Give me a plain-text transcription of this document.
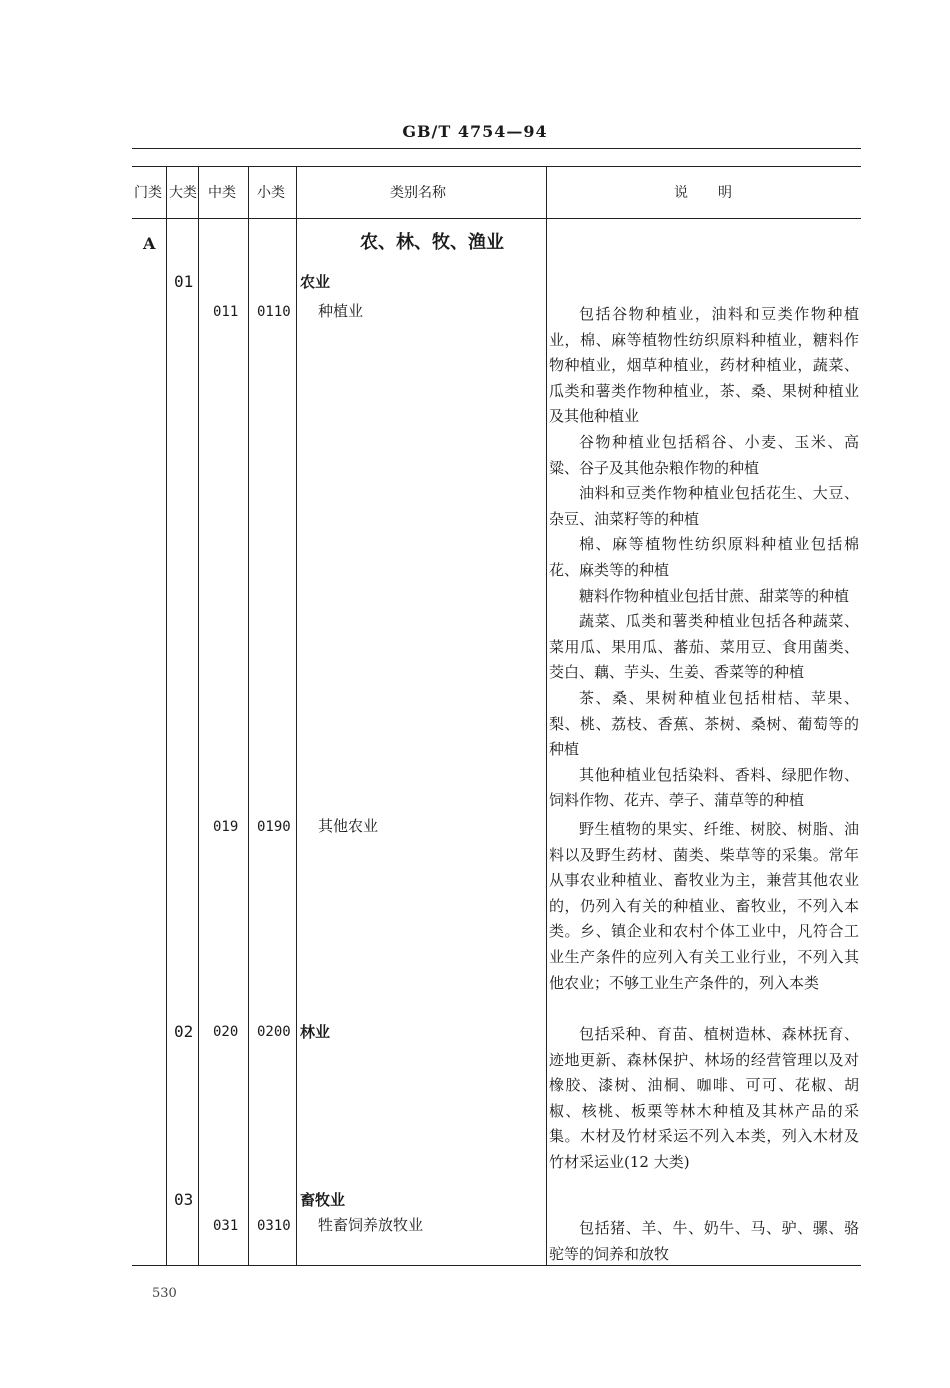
GB/T 4754—94
门类 大类 中类 小类	类别名称	说　明
A	农、林、牧、渔业
01	农业
011 0110 种植业	包括谷物种植业，油料和豆类作物种植业，棉、麻等植物性纺织原料种植业，糖料作物种植业，烟草种植业，药材种植业，蔬菜、瓜类和薯类作物种植业，茶、桑、果树种植业及其他种植业

谷物种植业包括稻谷、小麦、玉米、高粱、谷子及其他杂粮作物的种植

油料和豆类作物种植业包括花生、大豆、杂豆、油菜籽等的种植

棉、麻等植物性纺织原料种植业包括棉花、麻类等的种植

糖料作物种植业包括甘蔗、甜菜等的种植

蔬菜、瓜类和薯类种植业包括各种蔬菜、菜用瓜、果用瓜、蕃茄、菜用豆、食用菌类、茭白、藕、芋头、生姜、香菜等的种植

茶、桑、果树种植业包括柑桔、苹果、梨、桃、荔枝、香蕉、茶树、桑树、葡萄等的种植

其他种植业包括染料、香料、绿肥作物、饲料作物、花卉、荸子、蒲草等的种植

019 0190 其他农业	野生植物的果实、纤维、树胶、树脂、油料以及野生药材、菌类、柴草等的采集。常年从事农业种植业、畜牧业为主，兼营其他农业的，仍列入有关的种植业、畜牧业，不列入本类。乡、镇企业和农村个体工业中，凡符合工业生产条件的应列入有关工业行业，不列入其他农业；不够工业生产条件的，列入本类

02 020 0200 林业	包括采种、育苗、植树造林、森林抚育、迹地更新、森林保护、林场的经营管理以及对橡胶、漆树、油桐、咖啡、可可、花椒、胡椒、核桃、板栗等林木种植及其林产品的采集。木材及竹材采运不列入本类，列入木材及竹材采运业(12 大类)

03	畜牧业
031 0310 牲畜饲养放牧业	包括猪、羊、牛、奶牛、马、驴、骡、骆驼等的饲养和放牧

530
